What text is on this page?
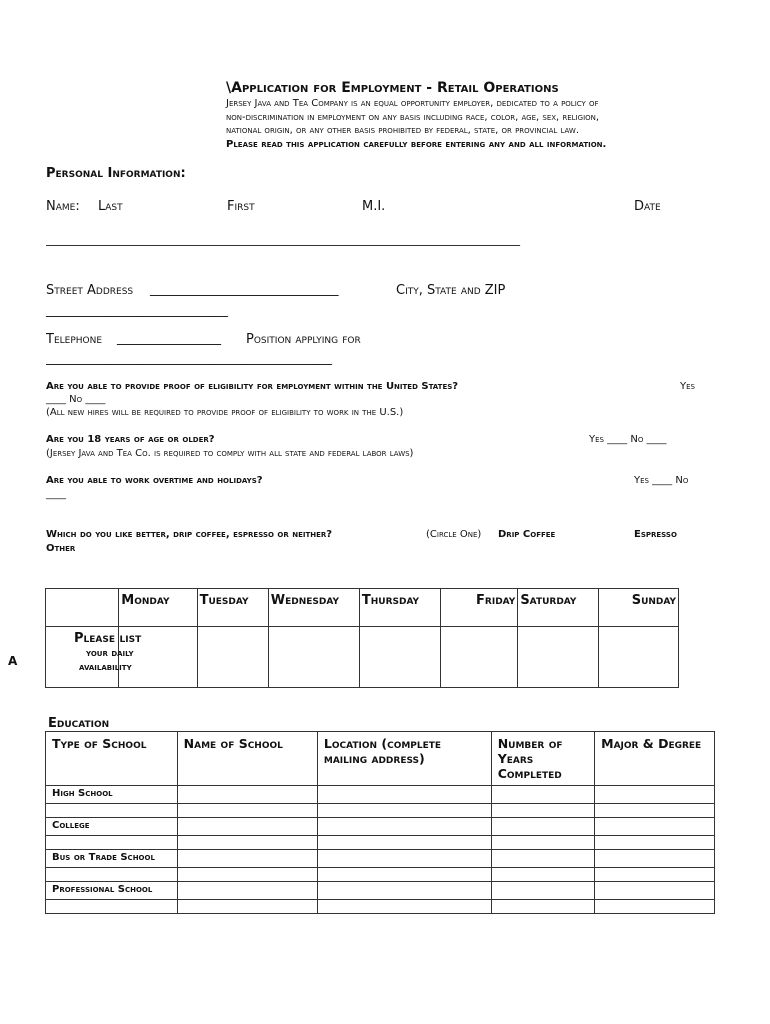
\Application for Employment - Retail Operations
Jersey Java and Tea Company is an equal opportunity employer, dedicated to a policy of
non-discrimination in employment on any basis including race, color, age, sex, religion,
national origin, or any other basis prohibited by federal, state, or provincial law.
Please read this application carefully before entering any and all information.
Personal Information:
Name: Last	First	M.I.	Date
_______________________________________________________________________________
Street Address _____________________________	City, State and ZIP
____________________________
Telephone ________________ Position applying for
____________________________________________
Are you able to provide proof of eligibility for employment within the United States?	Yes
____ No ____
(All new hires will be required to provide proof of eligibility to work in the U.S.)
Are you 18 years of age or older?	Yes ____ No ____
(Jersey Java and Tea Co. is required to comply with all state and federal labor laws)
Are you able to work overtime and holidays?	Yes ____ No
____
Which do you like better, drip coffee, espresso or neither?	(Circle One) Drip Coffee	Espresso
Other
A
	Monday	Tuesday	Wednesday	Thursday	Friday	Saturday	Sunday

Please list
your daily
availability							

Education
Type of School	Name of School	Location (complete mailing address)	Number of Years Completed	Major & Degree
High School				

College				

Bus or Trade School				

Professional School				
